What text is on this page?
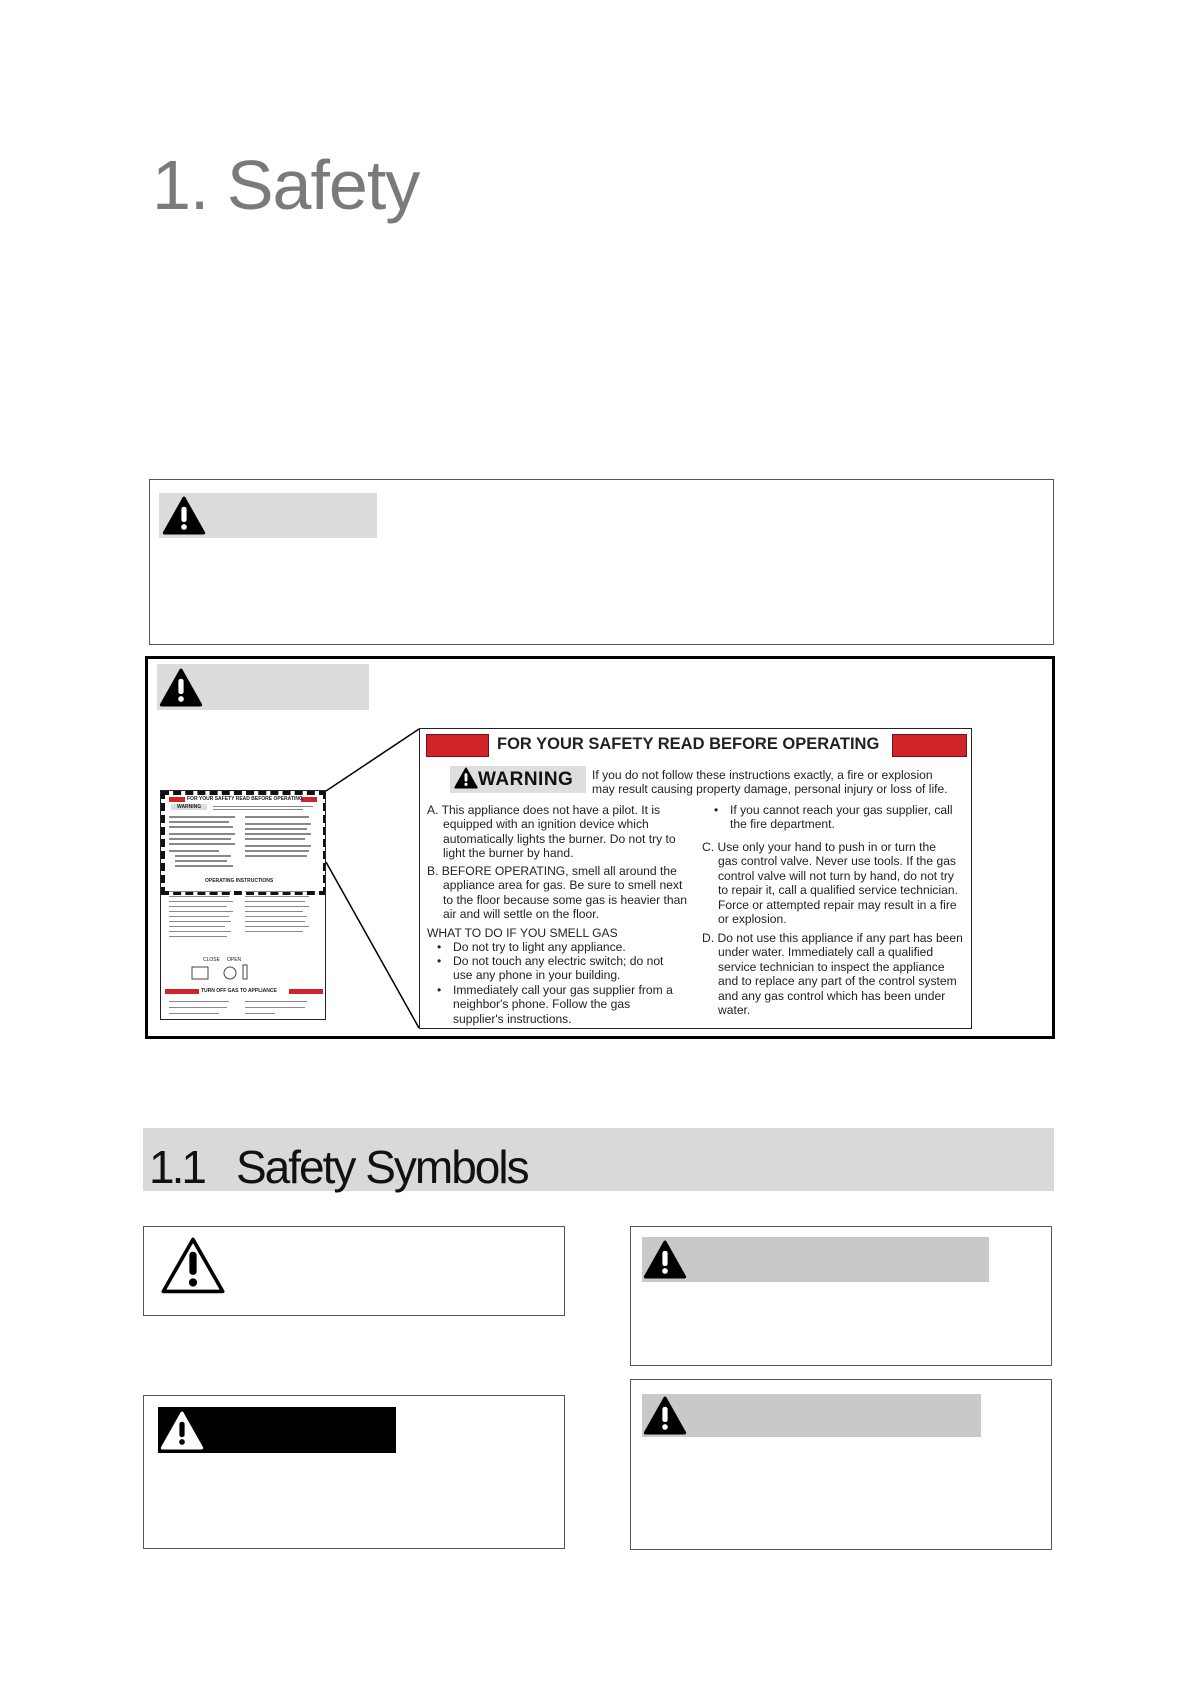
1. Safety
FOR YOUR SAFETY READ BEFORE OPERATING
WARNING
OPERATING INSTRUCTIONS
CLOSE OPEN
TURN OFF GAS TO APPLIANCE
FOR YOUR SAFETY READ BEFORE OPERATING
WARNING If you do not follow these instructions exactly, a fire or explosion
may result causing property damage, personal injury or loss of life.
A. This appliance does not have a pilot. It is
equipped with an ignition device which
automatically lights the burner. Do not try to
light the burner by hand.
B. BEFORE OPERATING, smell all around the
appliance area for gas. Be sure to smell next
to the floor because some gas is heavier than
air and will settle on the floor.
WHAT TO DO IF YOU SMELL GAS
• Do not try to light any appliance.
• Do not touch any electric switch; do not
use any phone in your building.
• Immediately call your gas supplier from a
neighbor's phone. Follow the gas
supplier's instructions.
• If you cannot reach your gas supplier, call
the fire department.
C. Use only your hand to push in or turn the
gas control valve. Never use tools. If the gas
control valve will not turn by hand, do not try
to repair it, call a qualified service technician.
Force or attempted repair may result in a fire
or explosion.
D. Do not use this appliance if any part has been
under water. Immediately call a qualified
service technician to inspect the appliance
and to replace any part of the control system
and any gas control which has been under
water.
1.1 Safety Symbols
